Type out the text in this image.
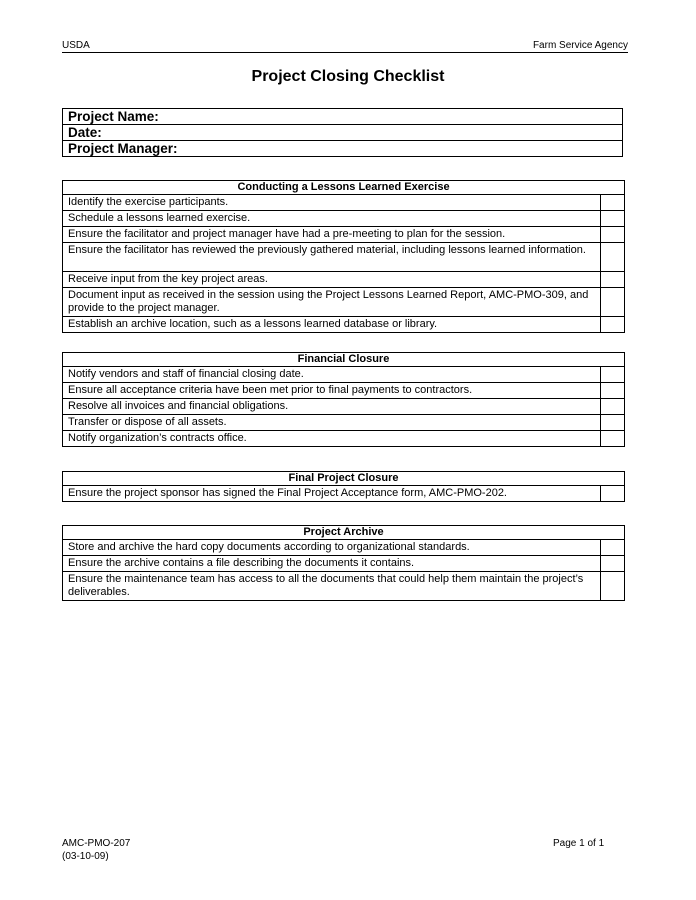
USDA	Farm Service Agency
Project Closing Checklist
Project Name:
Date:
Project Manager:
Conducting a Lessons Learned Exercise	
Identify the exercise participants.	
Schedule a lessons learned exercise.	
Ensure the facilitator and project manager have had a pre-meeting to plan for the session.	
Ensure the facilitator has reviewed the previously gathered material, including lessons learned information.	
Receive input from the key project areas.	
Document input as received in the session using the Project Lessons Learned Report, AMC-PMO-309, and provide to the project manager.	
Establish an archive location, such as a lessons learned database or library.	
Financial Closure	
Notify vendors and staff of financial closing date.	
Ensure all acceptance criteria have been met prior to final payments to contractors.	
Resolve all invoices and financial obligations.	
Transfer or dispose of all assets.	
Notify organization’s contracts office.	
Final Project Closure
Ensure the project sponsor has signed the Final Project Acceptance form, AMC-PMO-202.	
Project Archive	
Store and archive the hard copy documents according to organizational standards.	
Ensure the archive contains a file describing the documents it contains.	
Ensure the maintenance team has access to all the documents that could help them maintain the project’s deliverables.	
AMC-PMO-207
(03-10-09)
Page 1 of 1
